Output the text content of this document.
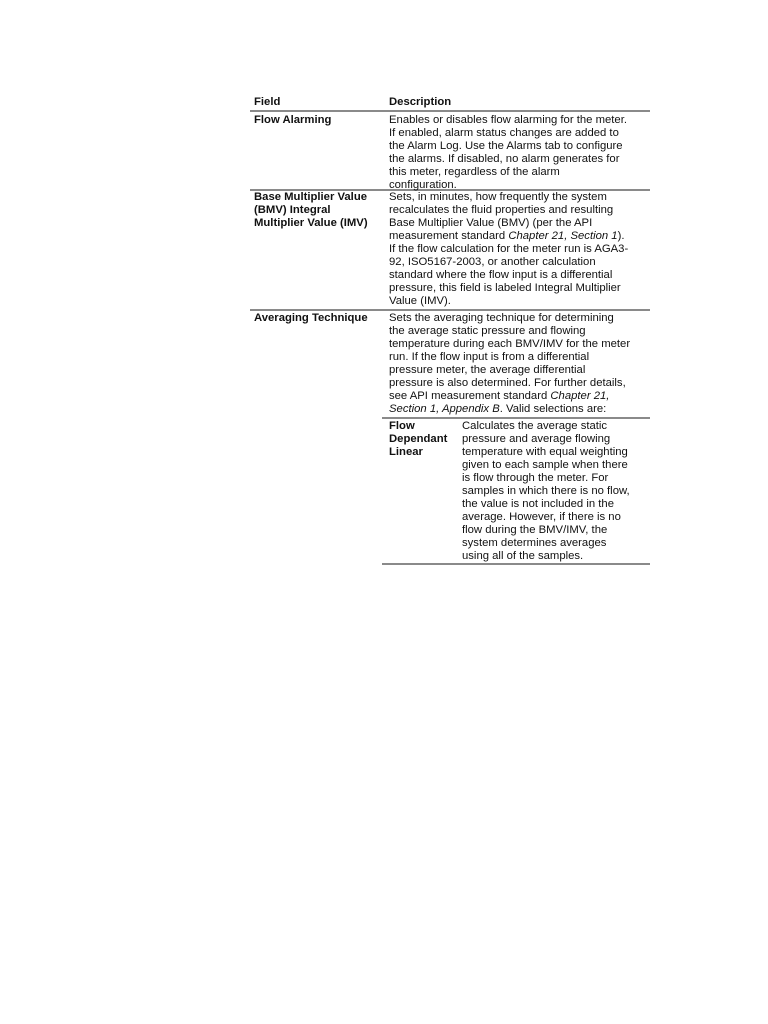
Field	Description
Flow Alarming	Enables or disables flow alarming for the meter.
If enabled, alarm status changes are added to
the Alarm Log. Use the Alarms tab to configure
the alarms. If disabled, no alarm generates for
this meter, regardless of the alarm
configuration.
Base Multiplier Value
(BMV) Integral
Multiplier Value (IMV)
Sets, in minutes, how frequently the system
recalculates the fluid properties and resulting
Base Multiplier Value (BMV) (per the API
measurement standard Chapter 21, Section 1).
If the flow calculation for the meter run is AGA3-
92, ISO5167-2003, or another calculation
standard where the flow input is a differential
pressure, this field is labeled Integral Multiplier
Value (IMV).
Averaging Technique Sets the averaging technique for determining
the average static pressure and flowing
temperature during each BMV/IMV for the meter
run. If the flow input is from a differential
pressure meter, the average differential
pressure is also determined. For further details,
see API measurement standard Chapter 21,
Section 1, Appendix B. Valid selections are:
Flow
Dependant
Linear
Calculates the average static
pressure and average flowing
temperature with equal weighting
given to each sample when there
is flow through the meter. For
samples in which there is no flow,
the value is not included in the
average. However, if there is no
flow during the BMV/IMV, the
system determines averages
using all of the samples.
